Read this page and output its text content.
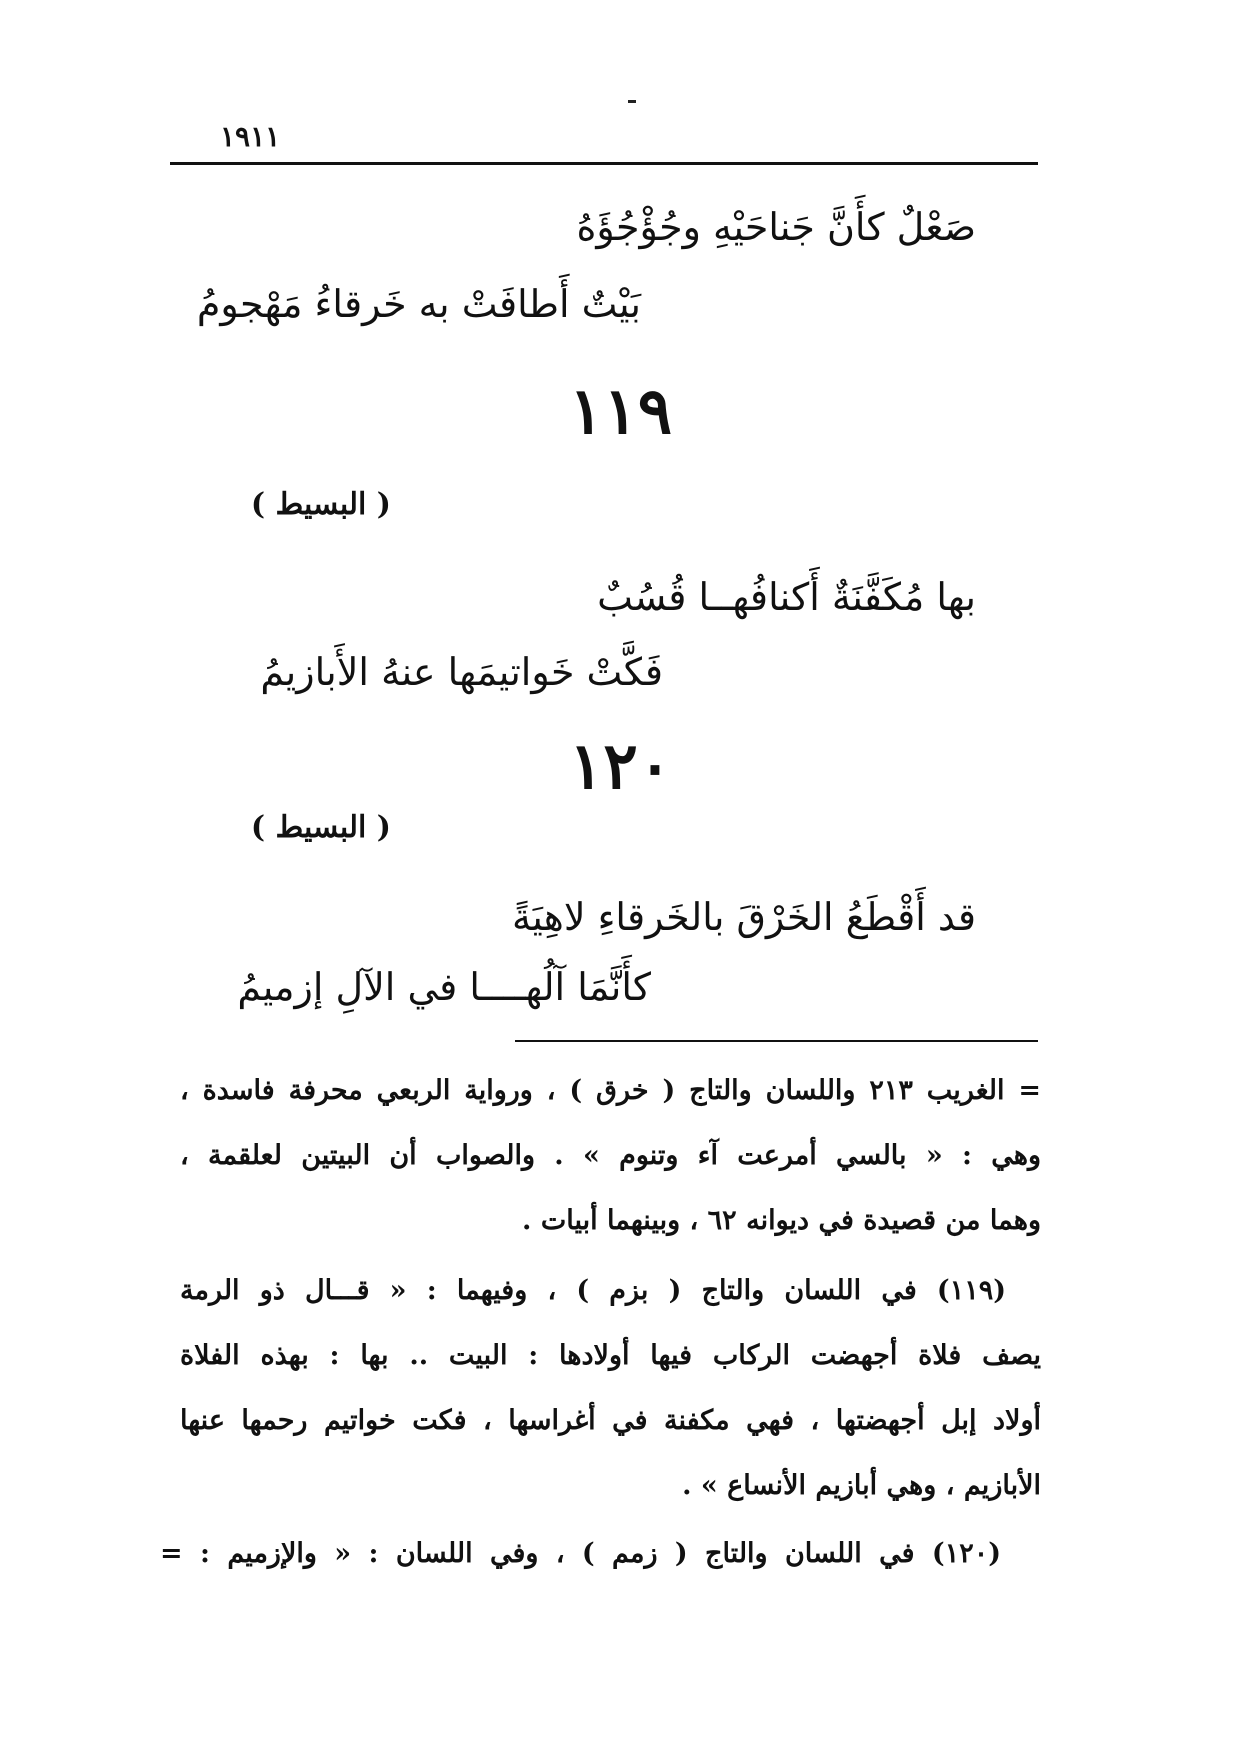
١٩١١
صَعْلٌ كأَنَّ جَناحَيْهِ وجُؤْجُؤَهُ
بَيْتٌ أَطافَتْ به خَرقاءُ مَهْجومُ
١١٩
( البسيط )
بها مُكَفَّنَةٌ أَكنافُهــا قُسُبٌ
فَكَّتْ خَواتيمَها عنهُ الأَبازيمُ
١٢٠
( البسيط )
قد أَقْطَعُ الخَرْقَ بالخَرقاءِ لاهِيَةً
كأَنَّمَا آلُهــــا في الآلِ إزميمُ
= الغريب ٢١٣ واللسان والتاج ( خرق ) ، ورواية الربعي محرفة فاسدة ،
وهي : « بالسي أمرعت آء وتنوم » . والصواب أن البيتين لعلقمة ،
وهما من قصيدة في ديوانه ٦٢ ، وبينهما أبيات .
(١١٩) في اللسان والتاج ( بزم ) ، وفيهما : « قـــال ذو الرمة
يصف فلاة أجهضت الركاب فيها أولادها : البيت .. بها : بهذه الفلاة
أولاد إبل أجهضتها ، فهي مكفنة في أغراسها ، فكت خواتيم رحمها عنها
الأبازيم ، وهي أبازيم الأنساع » .
(١٢٠) في اللسان والتاج ( زمم ) ، وفي اللسان : « والإزميم : =
